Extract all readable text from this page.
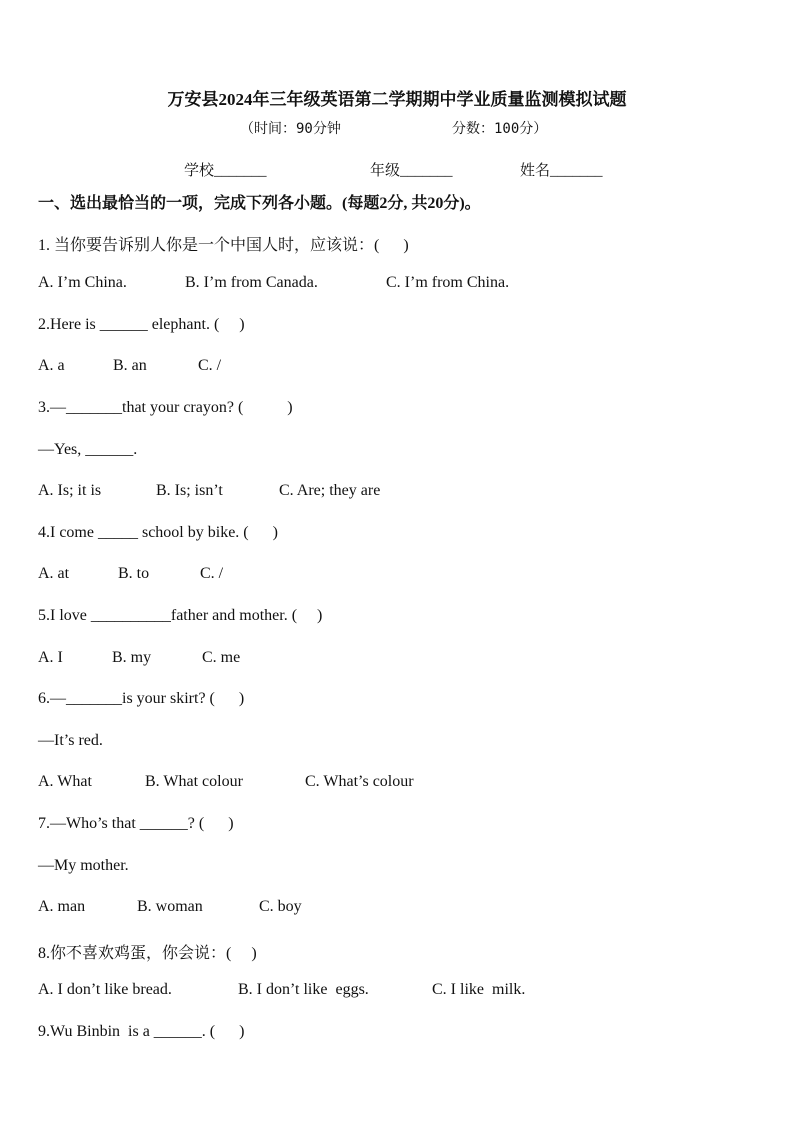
万安县2024年三年级英语第二学期期中学业质量监测模拟试题
（时间：90分钟	分数：100分）
学校_______	年级_______	姓名_______
一、选出最恰当的一项，完成下列各小题。(每题2分, 共20分)。
1. 当你要告诉别人你是一个中国人时，应该说：(      )
A. I’m China.	B. I’m from Canada.	C. I’m from China.
2.Here is ______ elephant. (     )
A. a	B. an	C. /
3.—_______that your crayon? (           )
—Yes, ______.
A. Is; it is	B. Is; isn’t	C. Are; they are
4.I come _____ school by bike. (      )
A. at	B. to	C. /
5.I love __________father and mother. (     )
A. I	B. my	C. me
6.—_______is your skirt? (      )
—It’s red.
A. What	B. What colour	C. What’s colour
7.—Who’s that ______? (      )
—My mother.
A. man	B. woman	C. boy
8.你不喜欢鸡蛋，你会说：(     )
A. I don’t like bread.	B. I don’t like  eggs.	C. I like  milk.
9.Wu Binbin  is a ______. (      )
